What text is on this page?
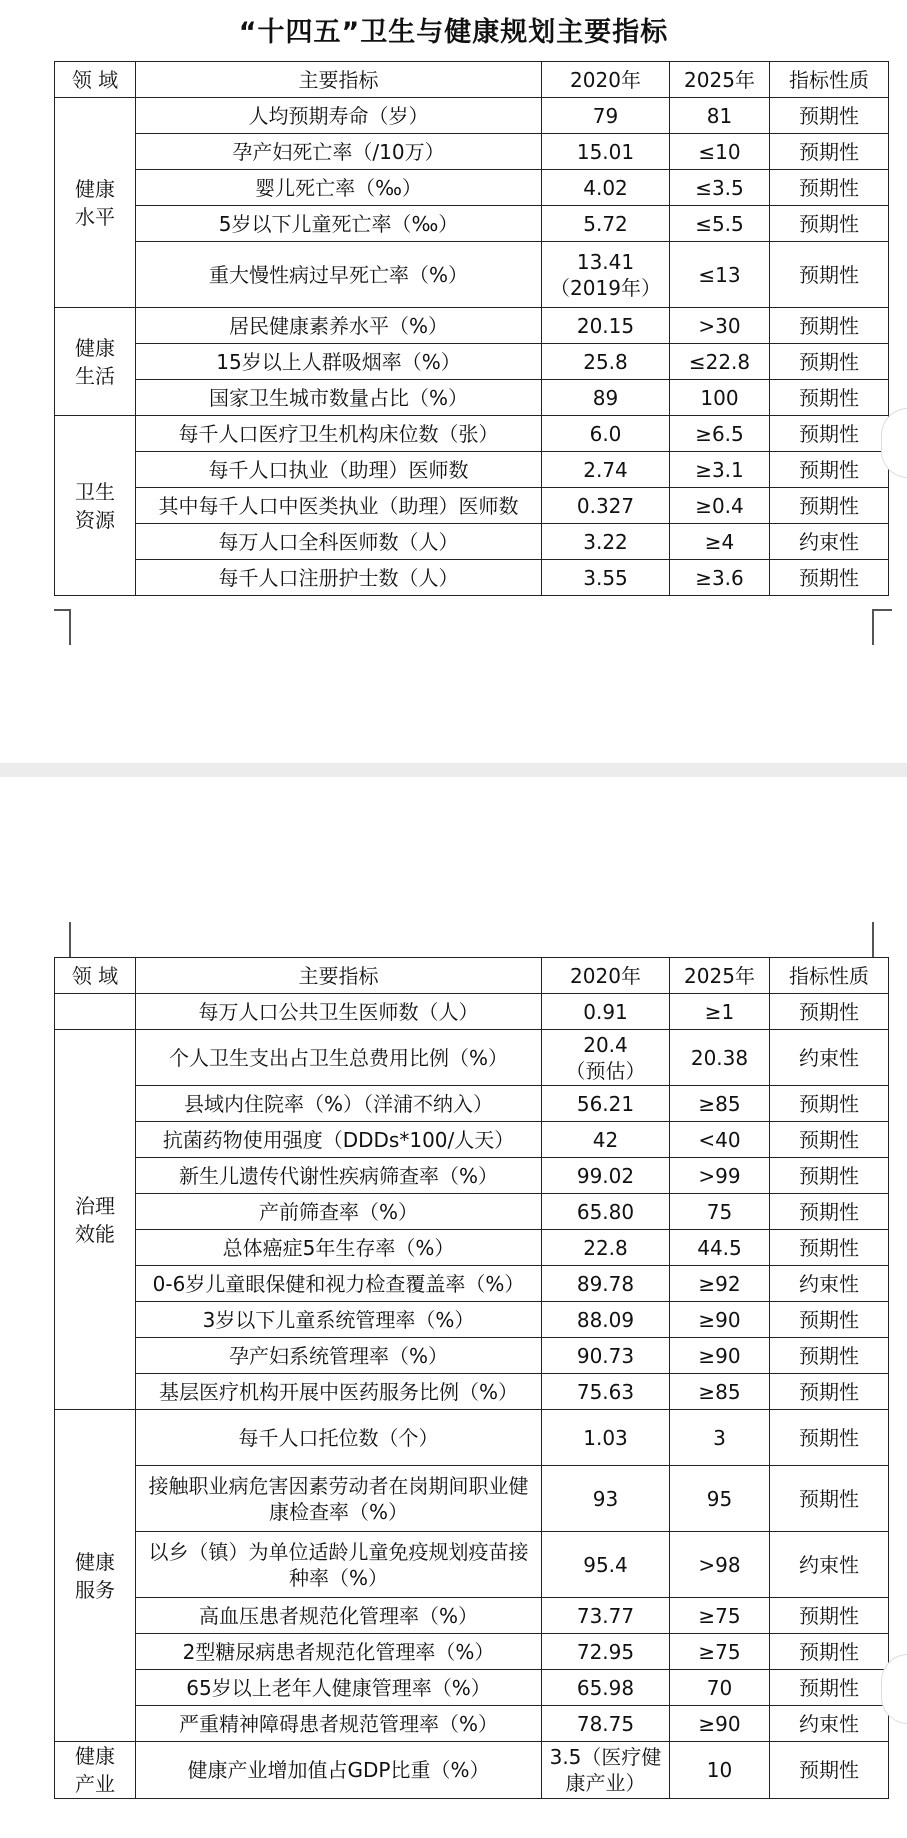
“十四五”卫生与健康规划主要指标
领 域	主要指标	2020年	2025年	指标性质

健康
水平	人均预期寿命（岁）	79	81	预期性

	孕产妇死亡率（/10万）	15.01	≤10	预期性

	婴儿死亡率（‰）	4.02	≤3.5	预期性

	5岁以下儿童死亡率（‰）	5.72	≤5.5	预期性

	重大慢性病过早死亡率（%）	13.41（2019年）	≤13	预期性

健康
生活	居民健康素养水平（%）	20.15	>30	预期性

	15岁以上人群吸烟率（%）	25.8	≤22.8	预期性

	国家卫生城市数量占比（%）	89	100	预期性

卫生
资源	每千人口医疗卫生机构床位数（张）	6.0	≥6.5	预期性

	每千人口执业（助理）医师数	2.74	≥3.1	预期性

	其中每千人口中医类执业（助理）医师数	0.327	≥0.4	预期性

	每万人口全科医师数（人）	3.22	≥4	约束性

	每千人口注册护士数（人）	3.55	≥3.6	预期性
领 域	主要指标	2020年	2025年	指标性质

	每万人口公共卫生医师数（人）	0.91	≥1	预期性

治理
效能	个人卫生支出占卫生总费用比例（%）	20.4
（预估）	20.38	约束性

	县域内住院率（%）（洋浦不纳入）	56.21	≥85	预期性

	抗菌药物使用强度（DDDs*100/人天）	42	<40	预期性

	新生儿遗传代谢性疾病筛查率（%）	99.02	>99	预期性

	产前筛查率（%）	65.80	75	预期性

	总体癌症5年生存率（%）	22.8	44.5	预期性

	0-6岁儿童眼保健和视力检查覆盖率（%）	89.78	≥92	约束性

	3岁以下儿童系统管理率（%）	88.09	≥90	预期性

	孕产妇系统管理率（%）	90.73	≥90	预期性

	基层医疗机构开展中医药服务比例（%）	75.63	≥85	预期性

健康
服务	每千人口托位数（个）	1.03	3	预期性

	接触职业病危害因素劳动者在岗期间职业健康检查率（%）	93	95	预期性

	以乡（镇）为单位适龄儿童免疫规划疫苗接种率（%）	95.4	>98	约束性

	高血压患者规范化管理率（%）	73.77	≥75	预期性

	2型糖尿病患者规范化管理率（%）	72.95	≥75	预期性

	65岁以上老年人健康管理率（%）	65.98	70	预期性

	严重精神障碍患者规范管理率（%）	78.75	≥90	约束性

健康
产业	健康产业增加值占GDP比重（%）	3.5（医疗健康产业）	10	预期性
